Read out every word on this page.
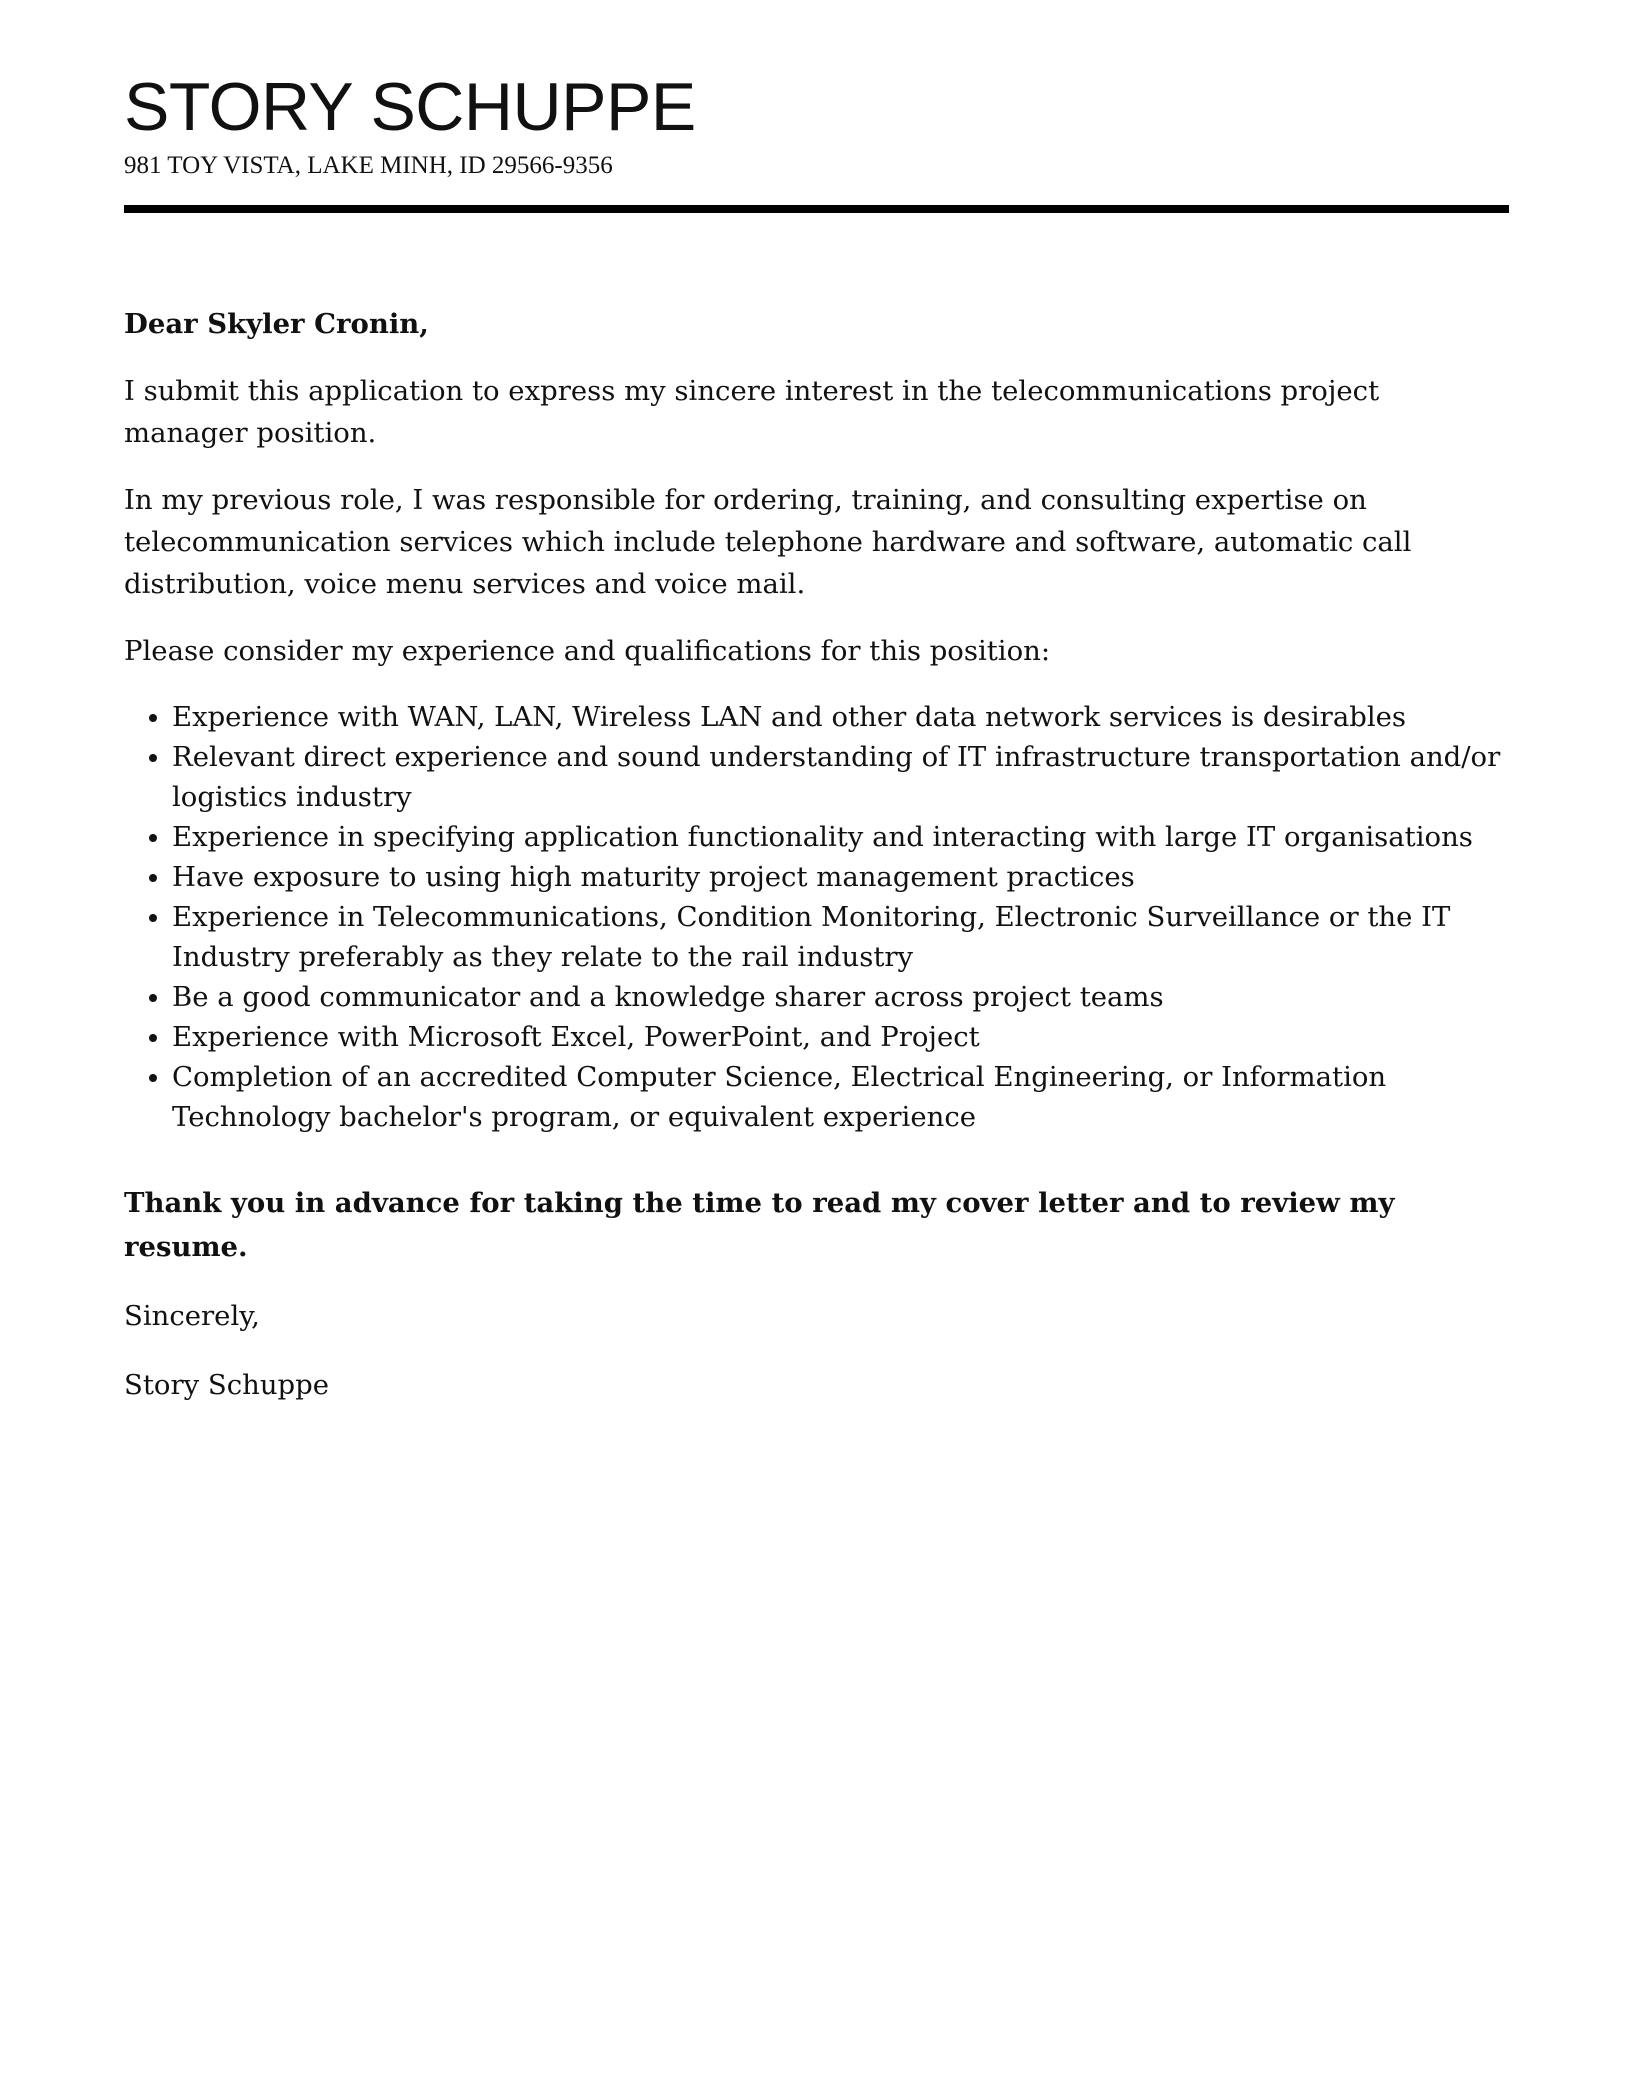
STORY SCHUPPE
981 TOY VISTA, LAKE MINH, ID 29566-9356

Dear Skyler Cronin,

I submit this application to express my sincere interest in the telecommunications project manager position.

In my previous role, I was responsible for ordering, training, and consulting expertise on telecommunication services which include telephone hardware and software, automatic call distribution, voice menu services and voice mail.

Please consider my experience and qualifications for this position:

• Experience with WAN, LAN, Wireless LAN and other data network services is desirables
• Relevant direct experience and sound understanding of IT infrastructure transportation and/or logistics industry
• Experience in specifying application functionality and interacting with large IT organisations
• Have exposure to using high maturity project management practices
• Experience in Telecommunications, Condition Monitoring, Electronic Surveillance or the IT Industry preferably as they relate to the rail industry
• Be a good communicator and a knowledge sharer across project teams
• Experience with Microsoft Excel, PowerPoint, and Project
• Completion of an accredited Computer Science, Electrical Engineering, or Information Technology bachelor's program, or equivalent experience

Thank you in advance for taking the time to read my cover letter and to review my resume.

Sincerely,

Story Schuppe
